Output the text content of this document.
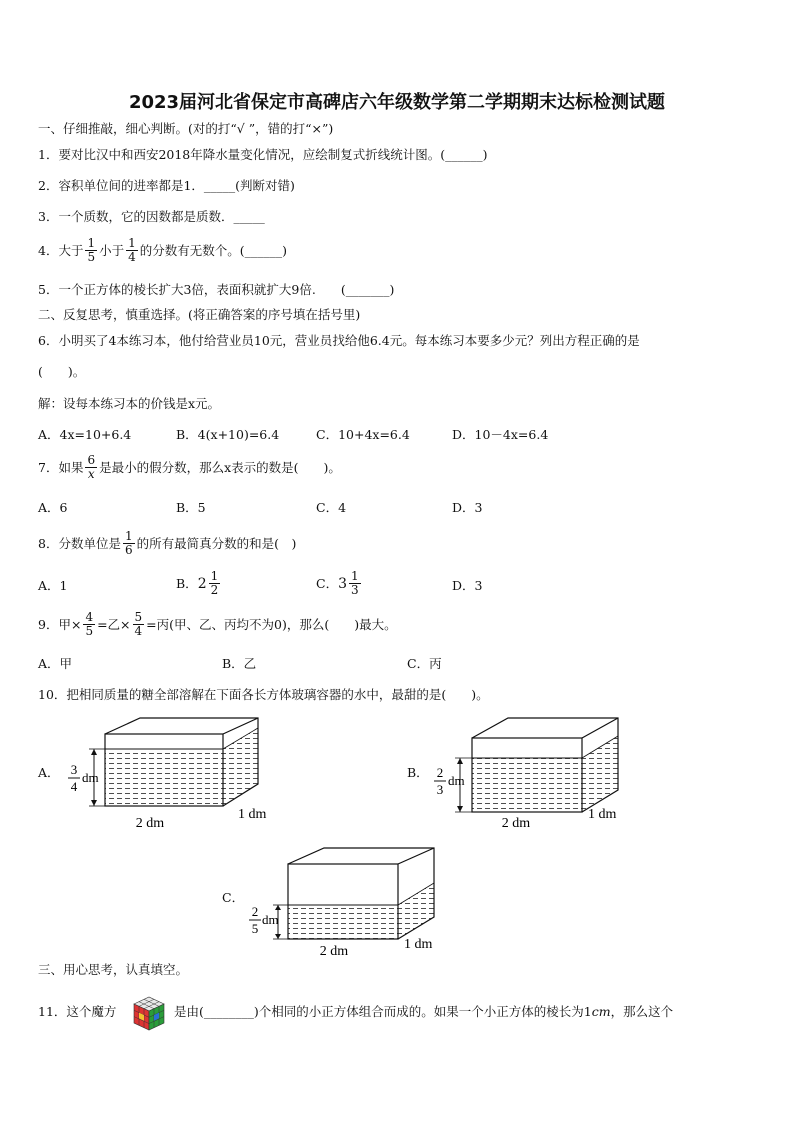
2023届河北省保定市高碑店六年级数学第二学期期末达标检测试题
一、仔细推敲，细心判断。(对的打“√ ”，错的打“×”)
1．要对比汉中和西安2018年降水量变化情况，应绘制复式折线统计图。(______)
2．容积单位间的进率都是1．_____(判断对错)
3．一个质数，它的因数都是质数．_____
4．大于 $\frac{1}{5}$ 小于 $\frac{1}{4}$ 的分数有无数个。(______)
5．一个正方体的棱长扩大3倍，表面积就扩大9倍.　　(_______)
二、反复思考，慎重选择。(将正确答案的序号填在括号里)
6．小明买了4本练习本，他付给营业员10元，营业员找给他6.4元。每本练习本要多少元？列出方程正确的是
(　　)。
解：设每本练习本的价钱是x元。
A．4x=10+6.4	B．4(x+10)=6.4	C．10+4x=6.4	D．10－4x=6.4
7．如果 $\frac{6}{x}$ 是最小的假分数，那么x表示的数是(　　)。
A．6	B．5	C．4	D．3
8．分数单位是 $\frac{1}{6}$ 的所有最简真分数的和是(　)
A．1	B． $2 \frac{1}{2}$	C． $3 \frac{1}{3}$	D．3
9．甲× $\frac{4}{5}$ =乙× $\frac{5}{4}$ =丙(甲、乙、丙均不为0)，那么(　　)最大。
A．甲	B．乙	C．丙
10．把相同质量的糖全部溶解在下面各长方体玻璃容器的水中，最甜的是(　　)。
A． 3
4
dm
2 dm
1 dm
B． 2
3
dm
2 dm
1 dm
C．
2
5
dm
2 dm	1 dm
三、用心思考，认真填空。
11．这个魔方	是由(________)个相同的小正方体组合而成的。如果一个小正方体的棱长为1 cm ，那么这个
